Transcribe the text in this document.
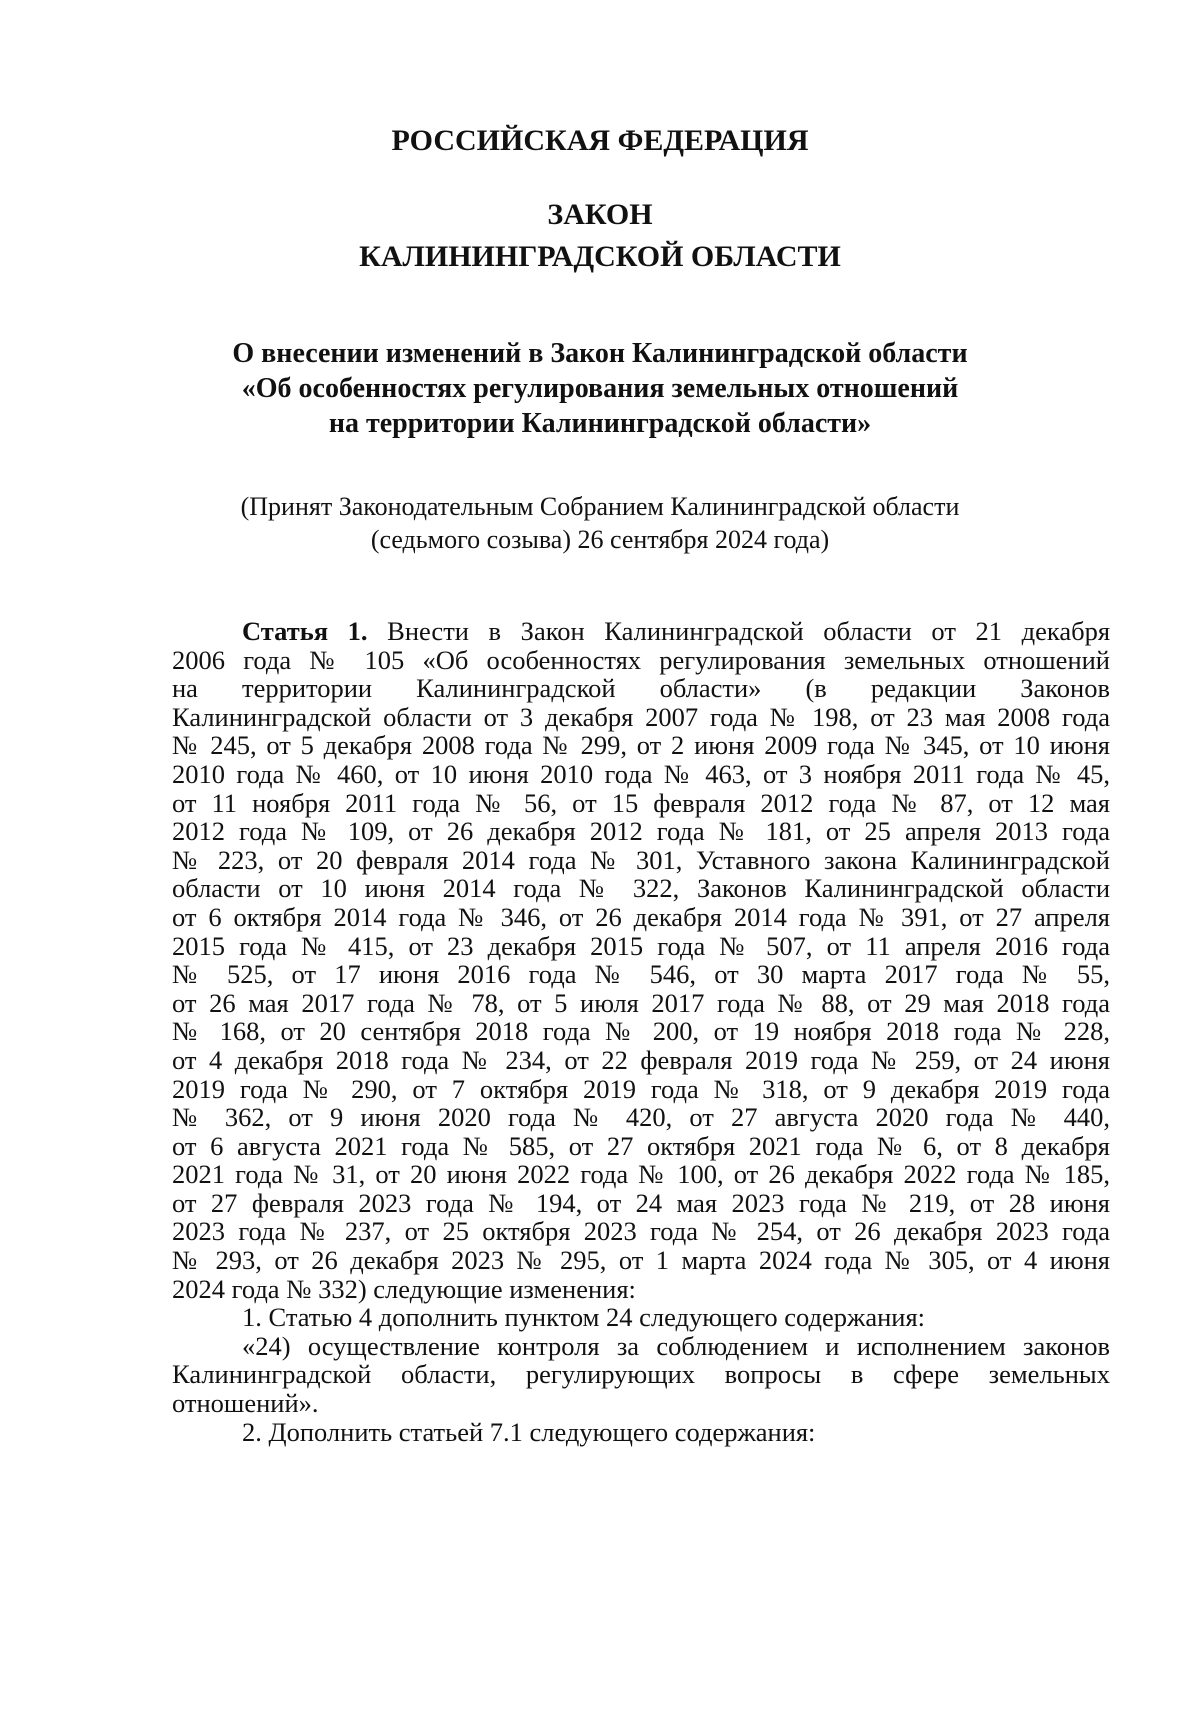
РОССИЙСКАЯ ФЕДЕРАЦИЯ
ЗАКОН
КАЛИНИНГРАДСКОЙ ОБЛАСТИ
О внесении изменений в Закон Калининградской области
«Об особенностях регулирования земельных отношений
на территории Калининградской области»
(Принят Законодательным Собранием Калининградской области
(седьмого созыва) 26 сентября 2024 года)
Статья 1. Внести в Закон Калининградской области от 21 декабря
2006 года № 105 «Об особенностях регулирования земельных отношений
на территории Калининградской области» (в редакции Законов
Калининградской области от 3 декабря 2007 года № 198, от 23 мая 2008 года
№ 245, от 5 декабря 2008 года № 299, от 2 июня 2009 года № 345, от 10 июня
2010 года № 460, от 10 июня 2010 года № 463, от 3 ноября 2011 года № 45,
от 11 ноября 2011 года № 56, от 15 февраля 2012 года № 87, от 12 мая
2012 года № 109, от 26 декабря 2012 года № 181, от 25 апреля 2013 года
№ 223, от 20 февраля 2014 года № 301, Уставного закона Калининградской
области от 10 июня 2014 года № 322, Законов Калининградской области
от 6 октября 2014 года № 346, от 26 декабря 2014 года № 391, от 27 апреля
2015 года № 415, от 23 декабря 2015 года № 507, от 11 апреля 2016 года
№ 525, от 17 июня 2016 года № 546, от 30 марта 2017 года № 55,
от 26 мая 2017 года № 78, от 5 июля 2017 года № 88, от 29 мая 2018 года
№ 168, от 20 сентября 2018 года № 200, от 19 ноября 2018 года № 228,
от 4 декабря 2018 года № 234, от 22 февраля 2019 года № 259, от 24 июня
2019 года № 290, от 7 октября 2019 года № 318, от 9 декабря 2019 года
№ 362, от 9 июня 2020 года № 420, от 27 августа 2020 года № 440,
от 6 августа 2021 года № 585, от 27 октября 2021 года № 6, от 8 декабря
2021 года № 31, от 20 июня 2022 года № 100, от 26 декабря 2022 года № 185,
от 27 февраля 2023 года № 194, от 24 мая 2023 года № 219, от 28 июня
2023 года № 237, от 25 октября 2023 года № 254, от 26 декабря 2023 года
№ 293, от 26 декабря 2023 № 295, от 1 марта 2024 года № 305, от 4 июня
2024 года № 332) следующие изменения:
1. Статью 4 дополнить пунктом 24 следующего содержания:
«24) осуществление контроля за соблюдением и исполнением законов
Калининградской области, регулирующих вопросы в сфере земельных
отношений».
2. Дополнить статьей 7.1 следующего содержания:
